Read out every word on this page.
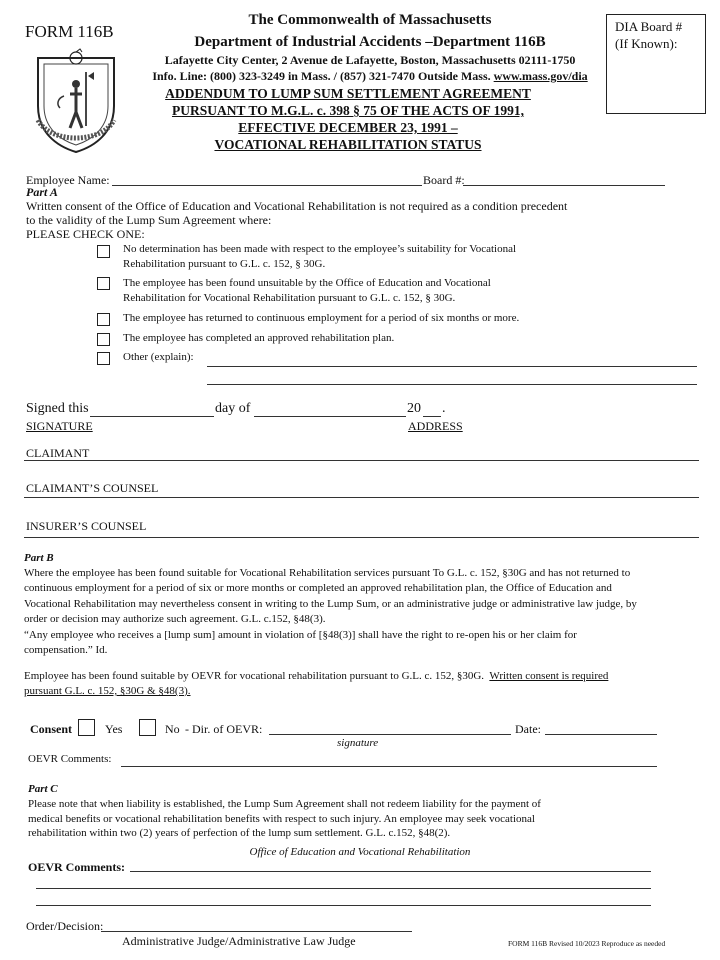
FORM 116B
The Commonwealth of Massachusetts
Department of Industrial Accidents –Department 116B
Lafayette City Center, 2 Avenue de Lafayette, Boston, Massachusetts 02111-1750
Info. Line: (800) 323-3249 in Mass. / (857) 321-7470 Outside Mass. www.mass.gov/dia
ADDENDUM TO LUMP SUM SETTLEMENT AGREEMENT
PURSUANT TO M.G.L. c. 398 § 75 OF THE ACTS OF 1991,
EFFECTIVE DECEMBER 23, 1991 –
VOCATIONAL REHABILITATION STATUS
DIA Board #
(If Known):
Employee Name:	Board #:
Part A
Written consent of the Office of Education and Vocational Rehabilitation is not required as a condition precedent
to the validity of the Lump Sum Agreement where:
PLEASE CHECK ONE:
No determination has been made with respect to the employee’s suitability for Vocational
Rehabilitation pursuant to G.L. c. 152, § 30G.
The employee has been found unsuitable by the Office of Education and Vocational
Rehabilitation for Vocational Rehabilitation pursuant to G.L. c. 152, § 30G.
The employee has returned to continuous employment for a period of six months or more.
The employee has completed an approved rehabilitation plan.
Other (explain):
Signed this	day of	20 .
SIGNATURE	ADDRESS
CLAIMANT
CLAIMANT’S COUNSEL
INSURER’S COUNSEL
Part B
Where the employee has been found suitable for Vocational Rehabilitation services pursuant To G.L. c. 152, §30G and has not returned to
continuous employment for a period of six or more months or completed an approved rehabilitation plan, the Office of Education and
Vocational Rehabilitation may nevertheless consent in writing to the Lump Sum, or an administrative judge or administrative law judge, by
order or decision may authorize such agreement. G.L. c.152, §48(3).
“Any employee who receives a [lump sum] amount in violation of [§48(3)] shall have the right to re-open his or her claim for
compensation.” Id.
Employee has been found suitable by OEVR for vocational rehabilitation pursuant to G.L. c. 152, §30G. Written consent is required
pursuant G.L. c. 152, §30G & §48(3).
Consent	Yes	No - Dir. of OEVR:	Date:
signature
OEVR Comments:
Part C
Please note that when liability is established, the Lump Sum Agreement shall not redeem liability for the payment of
medical benefits or vocational rehabilitation benefits with respect to such injury. An employee may seek vocational
rehabilitation within two (2) years of perfection of the lump sum settlement. G.L. c.152, §48(2).
Office of Education and Vocational Rehabilitation
OEVR Comments:
Order/Decision:
Administrative Judge/Administrative Law Judge	FORM 116B Revised 10/2023 Reproduce as needed
